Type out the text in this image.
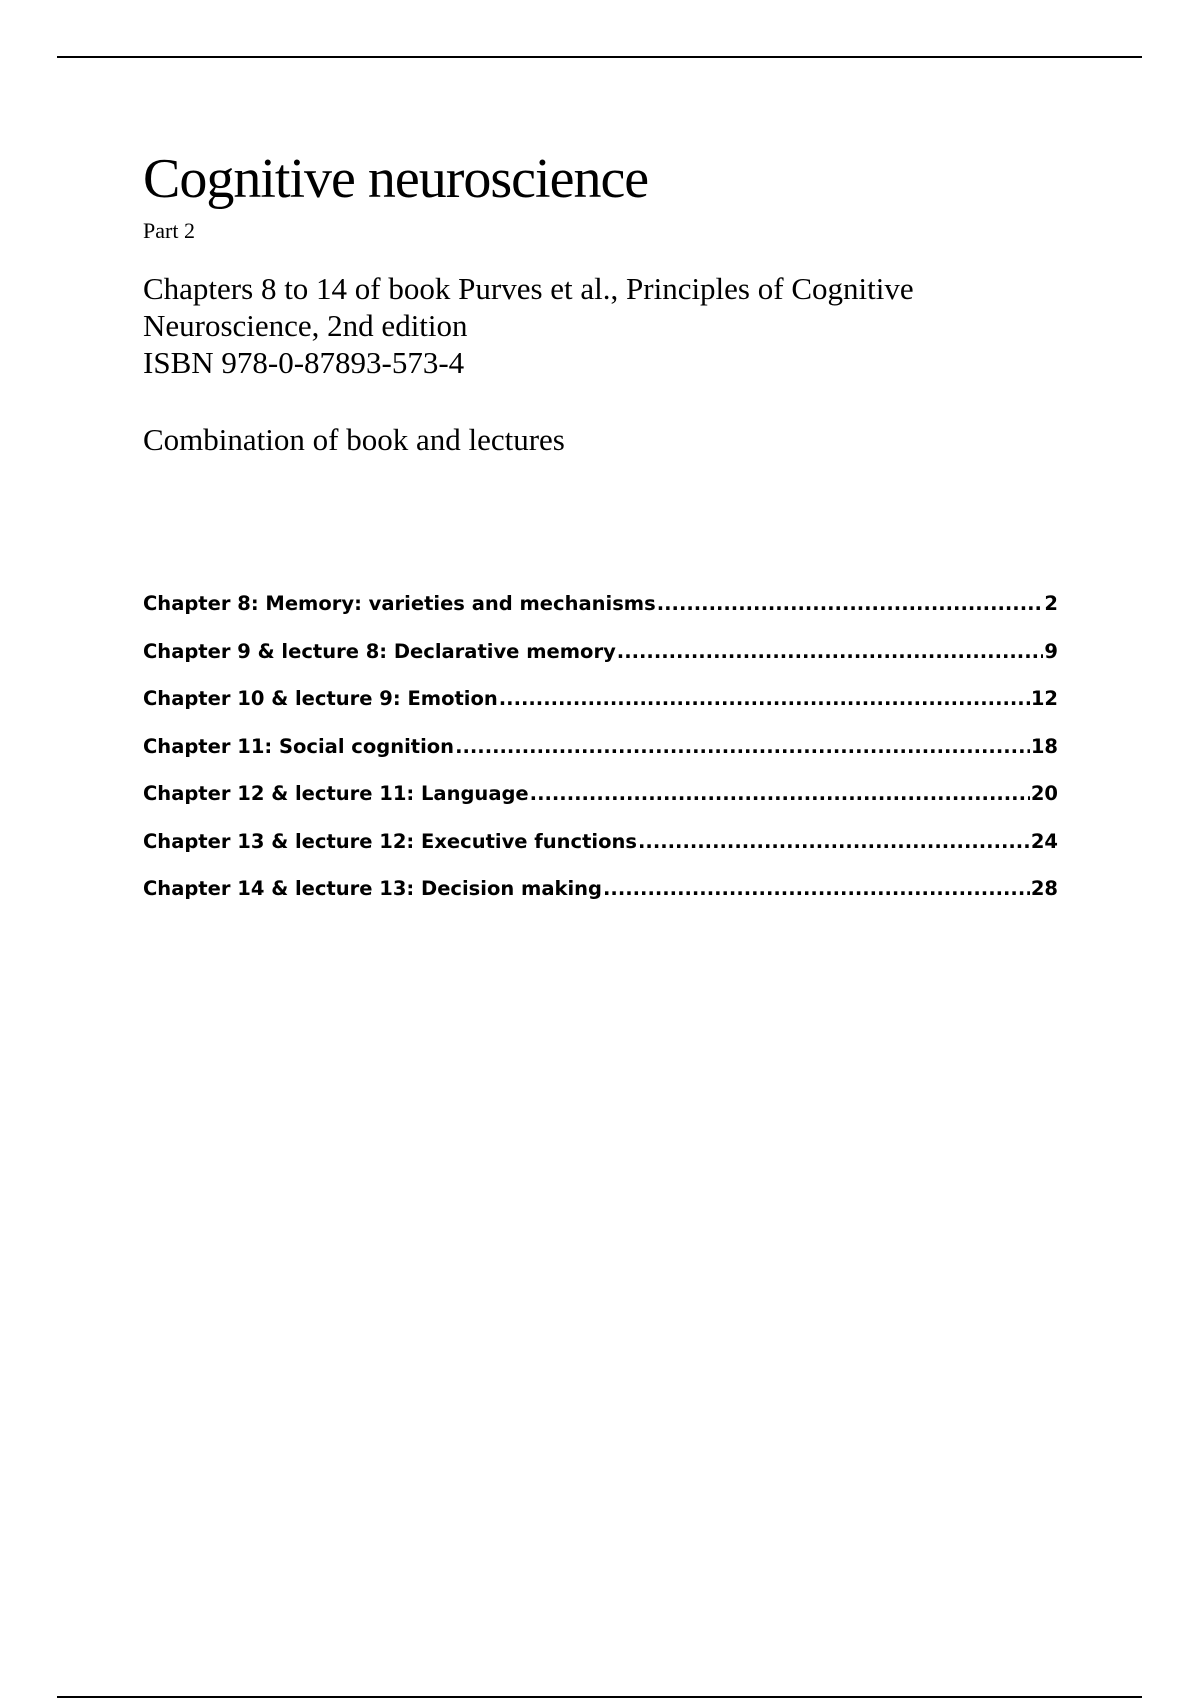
Cognitive neuroscience
Part 2
Chapters 8 to 14 of book Purves et al., Principles of Cognitive
Neuroscience, 2nd edition
ISBN 978-0-87893-573-4
Combination of book and lectures
Chapter 8: Memory: varieties and mechanisms .....	2
Chapter 9 & lecture 8: Declarative memory .....	9
Chapter 10 & lecture 9: Emotion .....	12
Chapter 11: Social cognition .....	18
Chapter 12 & lecture 11: Language .....	20
Chapter 13 & lecture 12: Executive functions .....	24
Chapter 14 & lecture 13: Decision making .....	28
